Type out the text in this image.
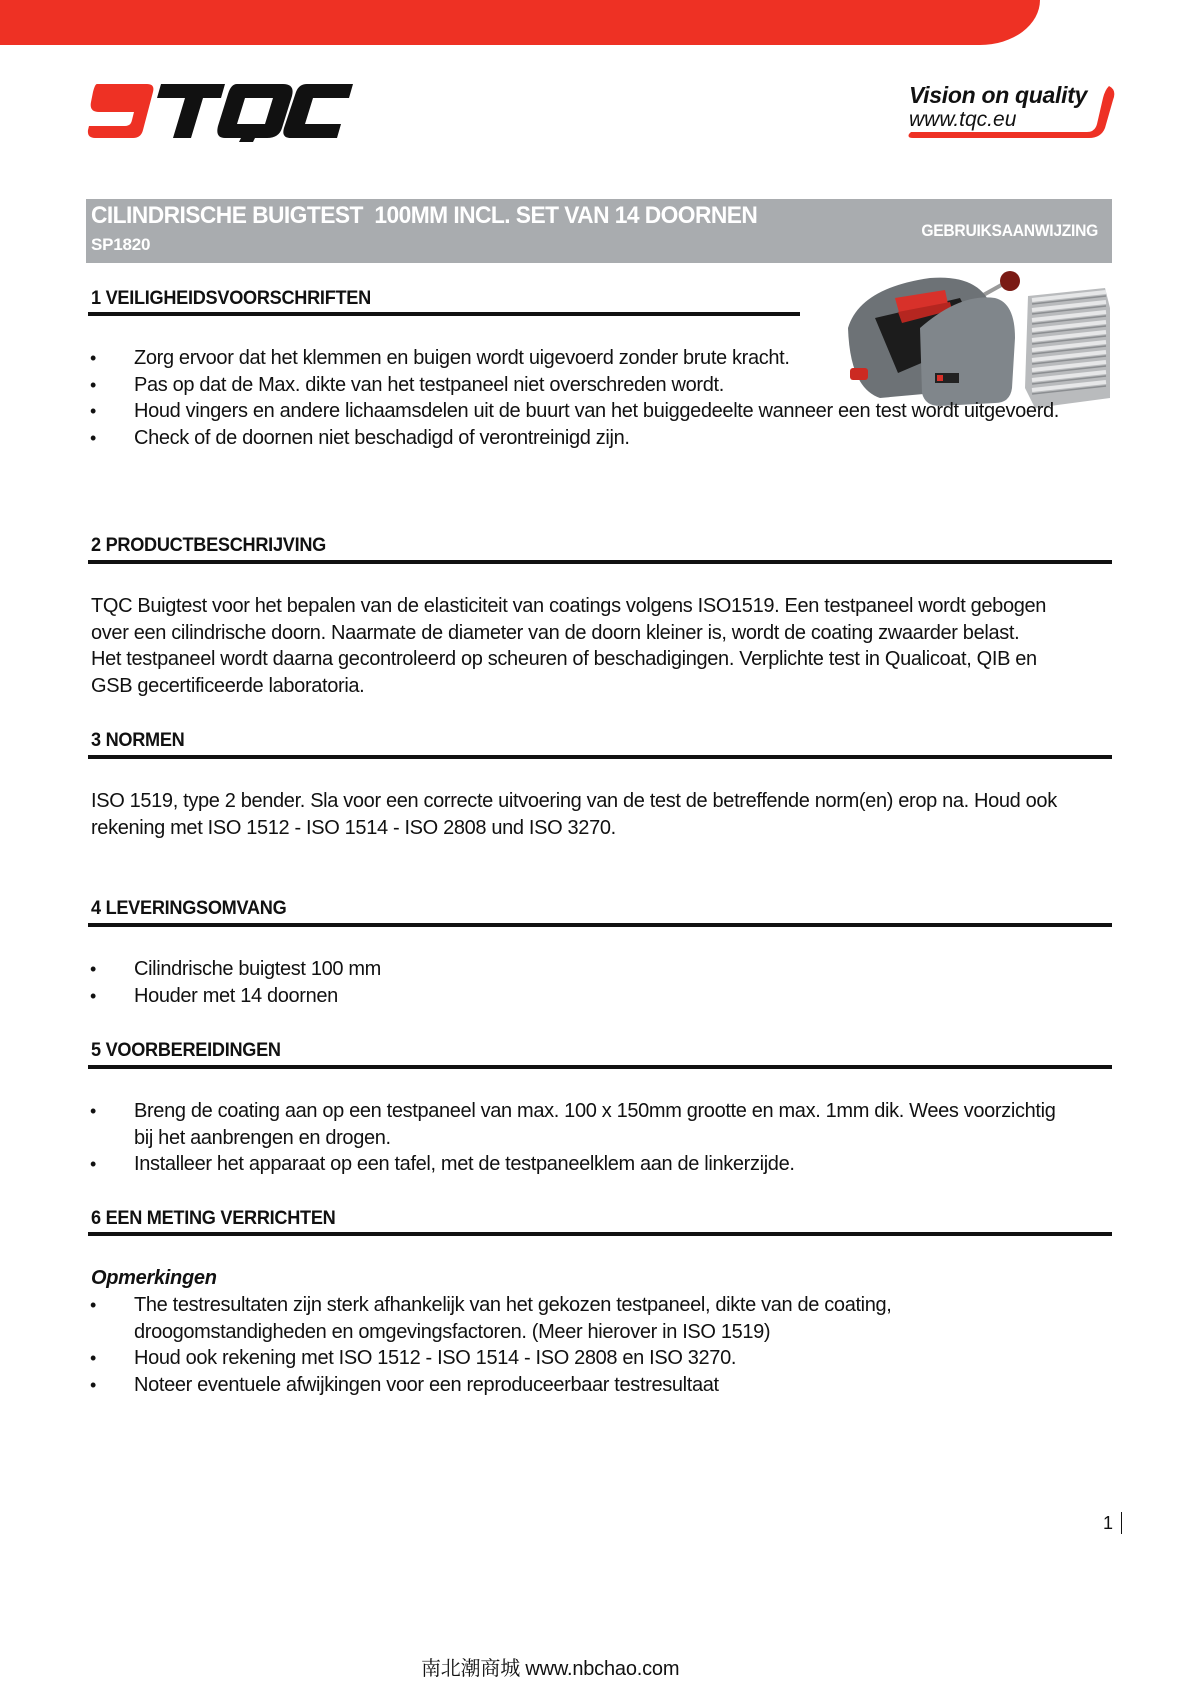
Vision on quality
www.tqc.eu
CILINDRISCHE BUIGTEST  100MM INCL. SET VAN 14 DOORNEN
SP1820
GEBRUIKSAANWIJZING
1 VEILIGHEIDSVOORSCHRIFTEN
• Zorg ervoor dat het klemmen en buigen wordt uigevoerd zonder brute kracht.
• Pas op dat de Max. dikte van het testpaneel niet overschreden wordt.
• Houd vingers en andere lichaamsdelen uit de buurt van het buiggedeelte wanneer een test wordt uitgevoerd.
• Check of de doornen niet beschadigd of verontreinigd zijn.
2 PRODUCTBESCHRIJVING

TQC Buigtest voor het bepalen van de elasticiteit van coatings volgens ISO1519. Een testpaneel wordt gebogen over een cilindrische doorn. Naarmate de diameter van de doorn kleiner is, wordt de coating zwaarder belast. Het testpaneel wordt daarna gecontroleerd op scheuren of beschadigingen. Verplichte test in Qualicoat, QIB en GSB gecertificeerde laboratoria.

3 NORMEN

ISO 1519, type 2 bender. Sla voor een correcte uitvoering van de test de betreffende norm(en) erop na. Houd ook rekening met ISO 1512 - ISO 1514 - ISO 2808 und ISO 3270.

4 LEVERINGSOMVANG
• Cilindrische buigtest 100 mm
• Houder met 14 doornen
5 VOORBEREIDINGEN
• Breng de coating aan op een testpaneel van max. 100 x 150mm grootte en max. 1mm dik. Wees voorzichtig bij het aanbrengen en drogen.
• Installeer het apparaat op een tafel, met de testpaneelklem aan de linkerzijde.
6 EEN METING VERRICHTEN
Opmerkingen
• The testresultaten zijn sterk afhankelijk van het gekozen testpaneel, dikte van de coating, droogomstandigheden en omgevingsfactoren. (Meer hierover in ISO 1519)
• Houd ook rekening met ISO 1512 - ISO 1514 - ISO 2808 en ISO 3270.
• Noteer eventuele afwijkingen voor een reproduceerbaar testresultaat
1
南北潮商城 www.nbchao.com
